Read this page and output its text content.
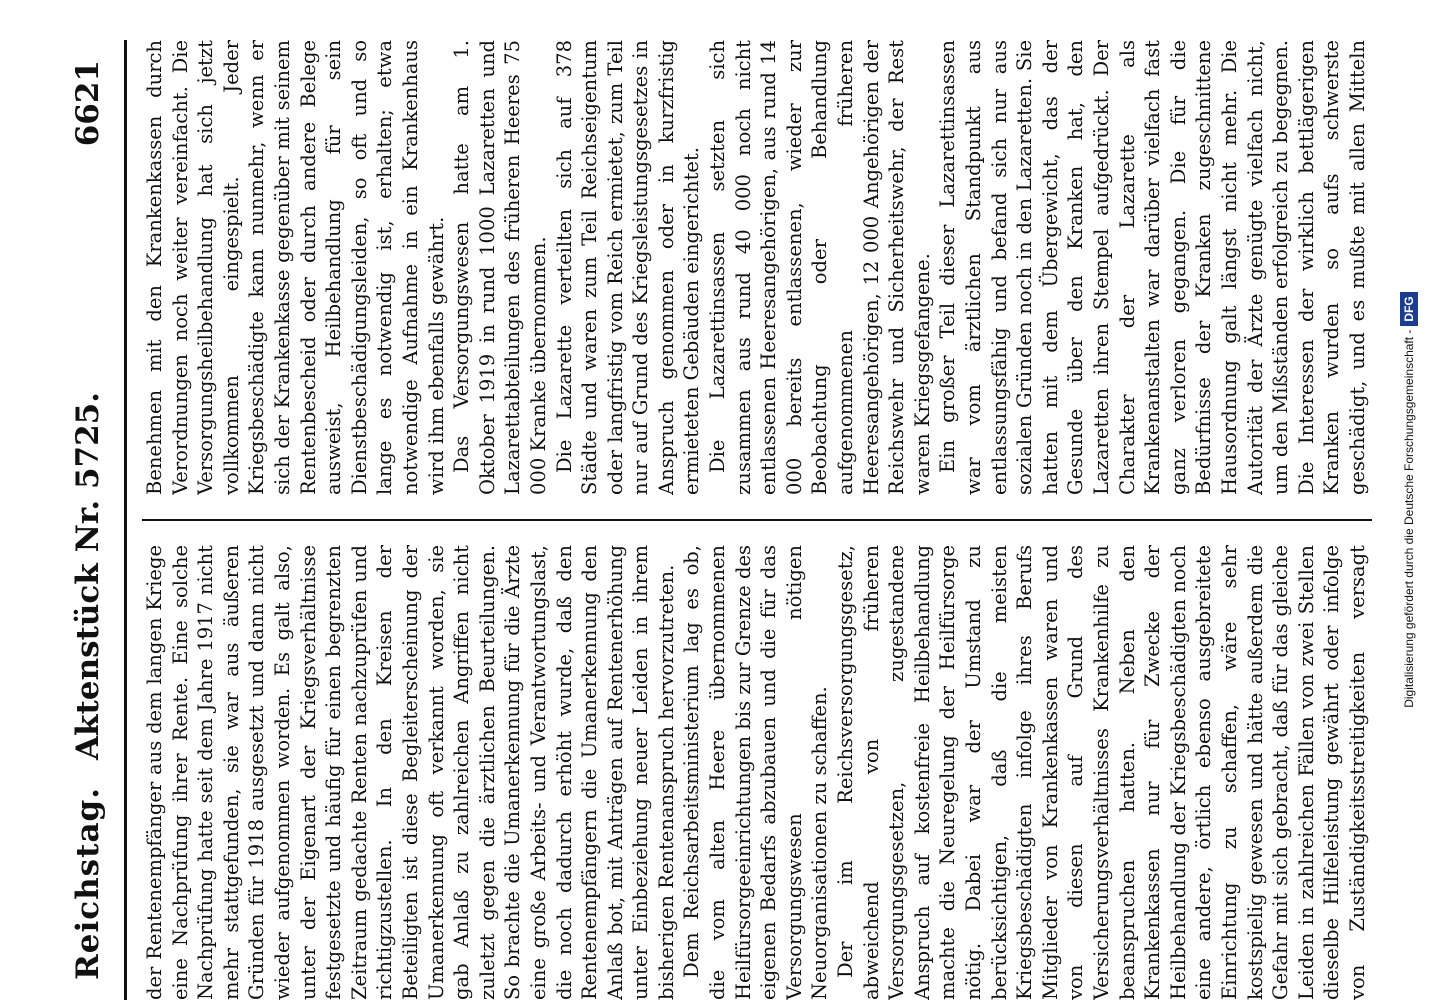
Reichstag.
Aktenstück Nr. 5725.
6621

der Rentenempfänger aus dem langen Kriege eine Nachprüfung ihrer Rente. Eine solche Nachprüfung hatte seit dem Jahre 1917 nicht mehr stattgefunden, sie war aus äußeren Gründen für 1918 ausgesetzt und dann nicht wieder aufgenommen worden. Es galt also, unter der Eigenart der Kriegsverhältnisse festgesetzte und häufig für einen begrenzten Zeitraum gedachte Renten nachzuprüfen und richtigzustellen. In den Kreisen der Beteiligten ist diese Begleiterscheinung der Umanerkennung oft verkannt worden, sie gab Anlaß zu zahlreichen Angriffen nicht zuletzt gegen die ärztlichen Beurteilungen. So brachte die Umanerkennung für die Ärzte eine große Arbeits- und Verantwortungslast, die noch dadurch erhöht wurde, daß den Rentenempfängern die Umanerkennung den Anlaß bot, mit Anträgen auf Rentenerhöhung unter Einbeziehung neuer Leiden in ihrem bisherigen Rentenanspruch hervorzutreten. Dem Reichsarbeitsministerium lag es ob, die vom alten Heere übernommenen Heilfürsorgeeinrichtungen bis zur Grenze des eigenen Bedarfs abzubauen und die für das Versorgungswesen nötigen Neuorganisationen zu schaffen. Der im Reichsversorgungsgesetz, abweichend von früheren Versorgungsgesetzen, zugestandene Anspruch auf kostenfreie Heilbehandlung machte die Neuregelung der Heilfürsorge nötig. Dabei war der Umstand zu berücksichtigen, daß die meisten Kriegsbeschädigten infolge ihres Berufs Mitglieder von Krankenkassen waren und von diesen auf Grund des Versicherungsverhältnisses Krankenhilfe zu beanspruchen hatten. Neben den Krankenkassen nur für Zwecke der Heilbehandlung der Kriegsbeschädigten noch eine andere, örtlich ebenso ausgebreitete Einrichtung zu schaffen, wäre sehr kostspielig gewesen und hätte außerdem die Gefahr mit sich gebracht, daß für das gleiche Leiden in zahlreichen Fällen von zwei Stellen dieselbe Hilfeleistung gewährt oder infolge von Zuständigkeitsstreitigkeiten versagt

Benehmen mit den Krankenkassen durch Verordnungen noch weiter vereinfacht. Die Versorgungsheilbehandlung hat sich jetzt vollkommen eingespielt. Jeder Kriegsbeschädigte kann nunmehr, wenn er sich der Krankenkasse gegenüber mit seinem Rentenbescheid oder durch andere Belege ausweist, Heilbehandlung für sein Dienstbeschädigungsleiden, so oft und so lange es notwendig ist, erhalten; etwa notwendige Aufnahme in ein Krankenhaus wird ihm ebenfalls gewährt. Das Versorgungswesen hatte am 1. Oktober 1919 in rund 1000 Lazaretten und Lazarettabteilungen des früheren Heeres 75 000 Kranke übernommen. Die Lazarette verteilten sich auf 378 Städte und waren zum Teil Reichseigentum oder langfristig vom Reich ermietet, zum Teil nur auf Grund des Kriegsleistungsgesetzes in Anspruch genommen oder in kurzfristig ermieteten Gebäuden eingerichtet. Die Lazarettinsassen setzten sich zusammen aus rund 40 000 noch nicht entlassenen Heeresangehörigen, aus rund 14 000 bereits entlassenen, wieder zur Beobachtung oder Behandlung aufgenommenen früheren Heeresangehörigen, 12 000 Angehörigen der Reichswehr und Sicherheitswehr, der Rest waren Kriegsgefangene. Ein großer Teil dieser Lazarettinsassen war vom ärztlichen Standpunkt aus entlassungsfähig und befand sich nur aus sozialen Gründen noch in den Lazaretten. Sie hatten mit dem Übergewicht, das der Gesunde über den Kranken hat, den Lazaretten ihren Stempel aufgedrückt. Der Charakter der Lazarette als Krankenanstalten war darüber vielfach fast ganz verloren gegangen. Die für die Bedürfnisse der Kranken zugeschnittene Hausordnung galt längst nicht mehr. Die Autorität der Ärzte genügte vielfach nicht, um den Mißständen erfolgreich zu begegnen. Die Interessen der wirklich bettlägerigen Kranken wurden so aufs schwerste geschädigt, und es mußte mit allen Mitteln

Digitalisierung gefördert durch die Deutsche Forschungsgemeinschaft -DFG
